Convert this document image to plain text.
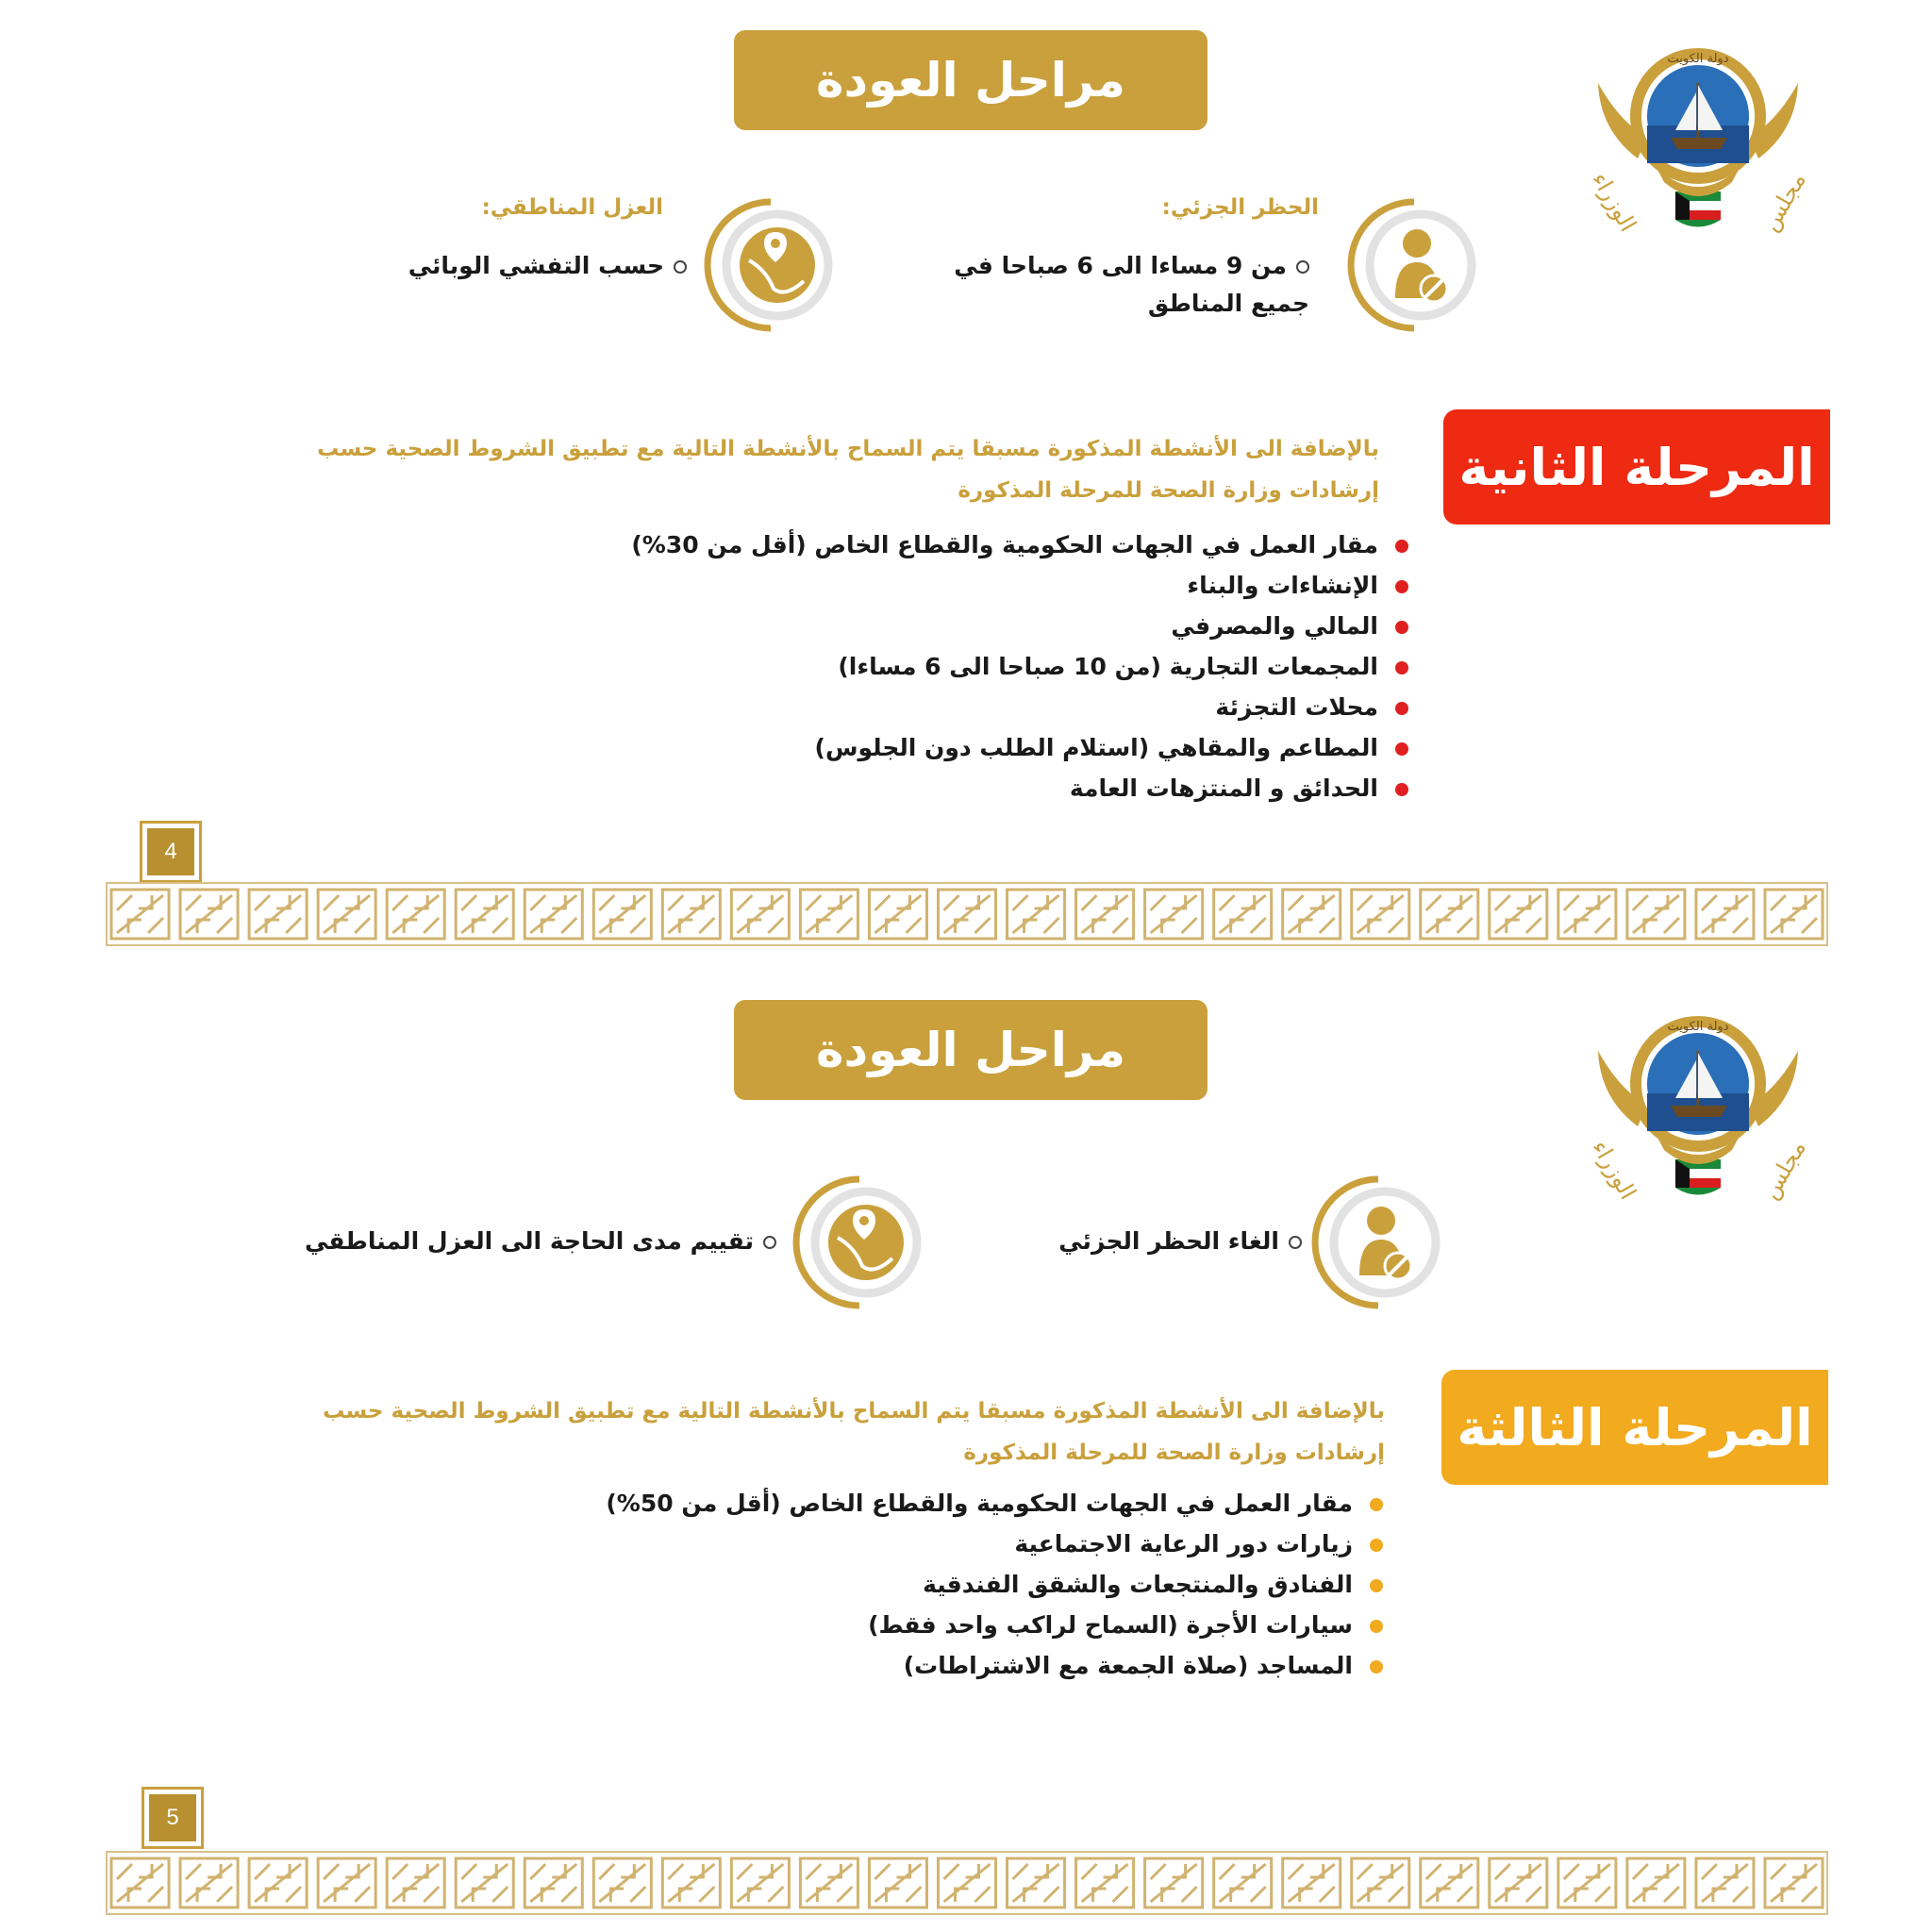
مراحل العودة	دولة الكويت
مجلس
الوزراء
الحظر الجزئي:
من 9 مساءا الى 6 صباحا في
جميع المناطق
العزل المناطقي:
حسب التفشي الوبائي
المرحلة الثانية
بالإضافة الى الأنشطة المذكورة مسبقا يتم السماح بالأنشطة التالية مع تطبيق الشروط الصحية حسب
إرشادات وزارة الصحة للمرحلة المذكورة
مقار العمل في الجهات الحكومية والقطاع الخاص (أقل من 30%)
الإنشاءات والبناء
المالي والمصرفي
المجمعات التجارية (من 10 صباحا الى 6 مساءا)
محلات التجزئة
المطاعم والمقاهي (استلام الطلب دون الجلوس)
الحدائق و المنتزهات العامة
4
مراحل العودة	دولة الكويت
مجلس
الوزراء
الغاء الحظر الجزئي
تقييم مدى الحاجة الى العزل المناطقي
المرحلة الثالثة
بالإضافة الى الأنشطة المذكورة مسبقا يتم السماح بالأنشطة التالية مع تطبيق الشروط الصحية حسب
إرشادات وزارة الصحة للمرحلة المذكورة
مقار العمل في الجهات الحكومية والقطاع الخاص (أقل من 50%)
زيارات دور الرعاية الاجتماعية
الفنادق والمنتجعات والشقق الفندقية
سيارات الأجرة (السماح لراكب واحد فقط)
المساجد (صلاة الجمعة مع الاشتراطات)
5
